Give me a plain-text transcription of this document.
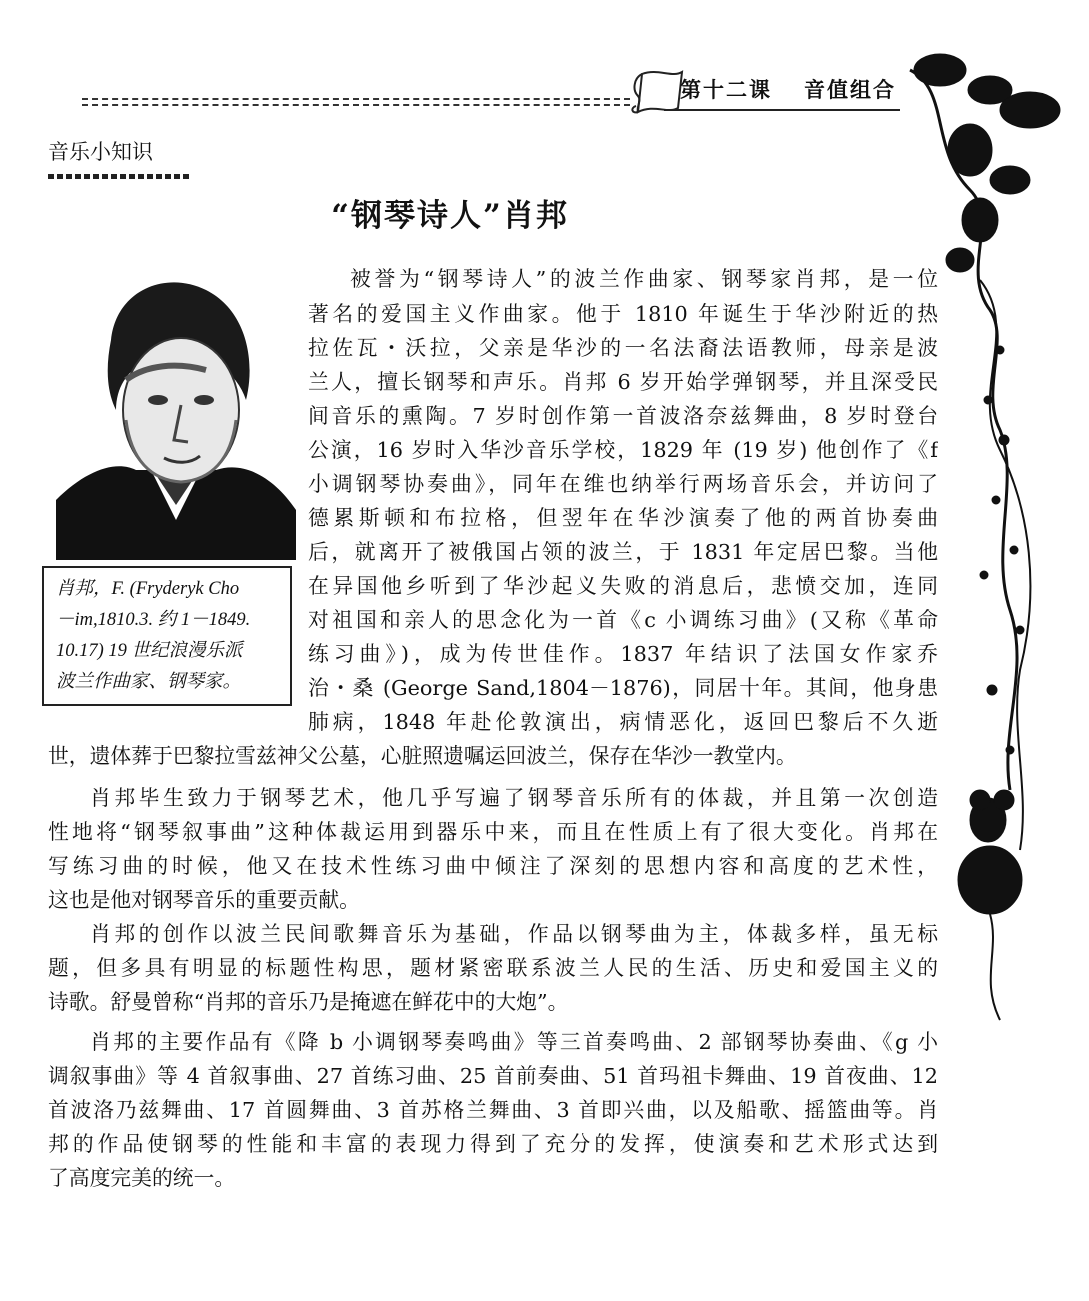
第十二课 音值组合
音乐小知识
“钢琴诗人”肖邦
肖邦，F. (Fryderyk Cho
－im,1810.3. 约 1－1849.
10.17) 19 世纪浪漫乐派
波兰作曲家、钢琴家。
被誉为“钢琴诗人”的波兰作曲家、钢琴家肖邦，是一位
著名的爱国主义作曲家。他于 1810 年诞生于华沙附近的热
拉佐瓦・沃拉，父亲是华沙的一名法裔法语教师，母亲是波
兰人，擅长钢琴和声乐。肖邦 6 岁开始学弹钢琴，并且深受民
间音乐的熏陶。7 岁时创作第一首波洛奈兹舞曲，8 岁时登台
公演，16 岁时入华沙音乐学校，1829 年 (19 岁) 他创作了《f
小调钢琴协奏曲》，同年在维也纳举行两场音乐会，并访问了
德累斯顿和布拉格，但翌年在华沙演奏了他的两首协奏曲
后，就离开了被俄国占领的波兰，于 1831 年定居巴黎。当他
在异国他乡听到了华沙起义失败的消息后，悲愤交加，连同
对祖国和亲人的思念化为一首《c 小调练习曲》(又称《革命
练习曲》)，成为传世佳作。1837 年结识了法国女作家乔
治・桑 (George Sand,1804－1876)，同居十年。其间，他身患
肺病，1848 年赴伦敦演出，病情恶化，返回巴黎后不久逝
世，遗体葬于巴黎拉雪兹神父公墓，心脏照遗嘱运回波兰，保存在华沙一教堂内。
肖邦毕生致力于钢琴艺术，他几乎写遍了钢琴音乐所有的体裁，并且第一次创造
性地将“钢琴叙事曲”这种体裁运用到器乐中来，而且在性质上有了很大变化。肖邦在
写练习曲的时候，他又在技术性练习曲中倾注了深刻的思想内容和高度的艺术性，
这也是他对钢琴音乐的重要贡献。
肖邦的创作以波兰民间歌舞音乐为基础，作品以钢琴曲为主，体裁多样，虽无标
题，但多具有明显的标题性构思，题材紧密联系波兰人民的生活、历史和爱国主义的
诗歌。舒曼曾称“肖邦的音乐乃是掩遮在鲜花中的大炮”。
肖邦的主要作品有《降 b 小调钢琴奏鸣曲》等三首奏鸣曲、2 部钢琴协奏曲、《g 小
调叙事曲》等 4 首叙事曲、27 首练习曲、25 首前奏曲、51 首玛祖卡舞曲、19 首夜曲、12
首波洛乃兹舞曲、17 首圆舞曲、3 首苏格兰舞曲、3 首即兴曲，以及船歌、摇篮曲等。肖
邦的作品使钢琴的性能和丰富的表现力得到了充分的发挥，使演奏和艺术形式达到
了高度完美的统一。
